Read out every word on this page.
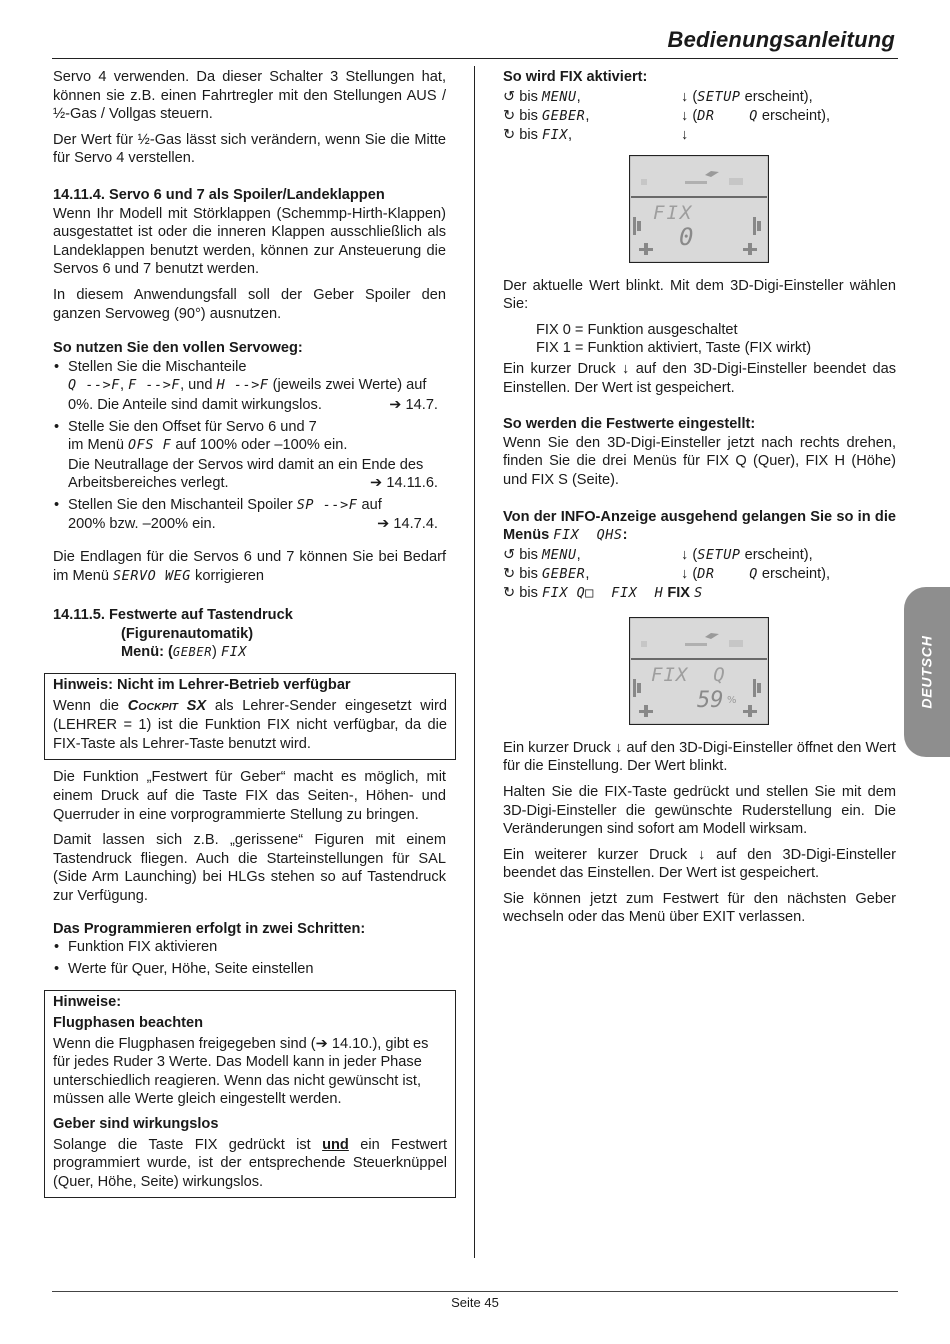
Bedienungsanleitung

Servo 4 verwenden. Da dieser Schalter 3 Stellungen hat, können sie z.B. einen Fahrtregler mit den Stellungen AUS / ½-Gas / Vollgas steuern.

Der Wert für ½-Gas lässt sich verändern, wenn Sie die Mitte für Servo 4 verstellen.

14.11.4. Servo 6 und 7 als Spoiler/Landeklappen

Wenn Ihr Modell mit Störklappen (Schemmp-Hirth-Klappen) ausgestattet ist oder die inneren Klappen ausschließlich als Landeklappen benutzt werden, können zur Ansteuerung die Servos 6 und 7 benutzt werden.

In diesem Anwendungsfall soll der Geber Spoiler den ganzen Servoweg (90°) ausnutzen.

So nutzen Sie den vollen Servoweg:

• Stellen Sie die Mischanteile
Q -->F, F -->F, und H -->F (jeweils zwei Werte) auf
0%. Die Anteile sind damit wirkungslos.	➔ 14.7.
• Stelle Sie den Offset für Servo 6 und 7
im Menü OFS F auf 100% oder –100% ein.
Die Neutrallage der Servos wird damit an ein Ende des Arbeitsbereiches verlegt.	➔ 14.11.6.
• Stellen Sie den Mischanteil Spoiler SP -->F auf
200% bzw. –200% ein.	➔ 14.7.4.

Die Endlagen für die Servos 6 und 7 können Sie bei Bedarf im Menü SERVO WEG korrigieren

14.11.5. Festwerte auf Tastendruck

(Figurenautomatik)

Menü: (GEBER) FIX

Hinweis: Nicht im Lehrer-Betrieb verfügbar

Wenn die COCKPIT SX als Lehrer-Sender eingesetzt wird (LEHRER = 1) ist die Funktion FIX nicht verfügbar, da die FIX-Taste als Lehrer-Taste benutzt wird.

Die Funktion „Festwert für Geber“ macht es möglich, mit einem Druck auf die Taste FIX das Seiten-, Höhen- und Querruder in eine vorprogrammierte Stellung zu bringen.

Damit lassen sich z.B. „gerissene“ Figuren mit einem Tastendruck fliegen. Auch die Starteinstellungen für SAL (Side Arm Launching) bei HLGs stehen so auf Tastendruck zur Verfügung.

Das Programmieren erfolgt in zwei Schritten:

• Funktion FIX aktivieren
• Werte für Quer, Höhe, Seite einstellen

Hinweise:

Flugphasen beachten

Wenn die Flugphasen freigegeben sind (➔ 14.10.), gibt es für jedes Ruder 3 Werte. Das Modell kann in jeder Phase unterschiedlich reagieren. Wenn das nicht gewünscht ist, müssen alle Werte gleich eingestellt werden.

Geber sind wirkungslos

Solange die Taste FIX gedrückt ist und ein Festwert programmiert wurde, ist der entsprechende Steuerknüppel (Quer, Höhe, Seite) wirkungslos.

So wird FIX aktiviert:

↺ bis MENU,	↓ (SETUP erscheint),
↻ bis GEBER,	↓ (DR    Q erscheint),
↻ bis FIX,	↓
FIX
0

Der aktuelle Wert blinkt. Mit dem 3D-Digi-Einsteller wählen Sie:

FIX 0 = Funktion ausgeschaltet

FIX 1 = Funktion aktiviert, Taste (FIX wirkt)

Ein kurzer Druck ↓ auf den 3D-Digi-Einsteller beendet das Einstellen. Der Wert ist gespeichert.

So werden die Festwerte eingestellt:

Wenn Sie den 3D-Digi-Einsteller jetzt nach rechts drehen, finden Sie die drei Menüs für FIX Q (Quer), FIX H (Höhe) und FIX S (Seite).

Von der INFO-Anzeige ausgehend gelangen Sie so in die Menüs FIX  QHS:

↺ bis MENU,	↓ (SETUP erscheint),
↻ bis GEBER,	↓ (DR    Q erscheint),
↻ bis FIX Q□  FIX  H FIX S
FIX  Q
59 %

Ein kurzer Druck ↓ auf den 3D-Digi-Einsteller öffnet den Wert für die Einstellung. Der Wert blinkt.

Halten Sie die FIX-Taste gedrückt und stellen Sie mit dem 3D-Digi-Einsteller die gewünschte Ruderstellung ein. Die Veränderungen sind sofort am Modell wirksam.

Ein weiterer kurzer Druck ↓ auf den 3D-Digi-Einsteller beendet das Einstellen. Der Wert ist gespeichert.

Sie können jetzt zum Festwert für den nächsten Geber wechseln oder das Menü über EXIT verlassen.

DEUTSCH
Seite 45
